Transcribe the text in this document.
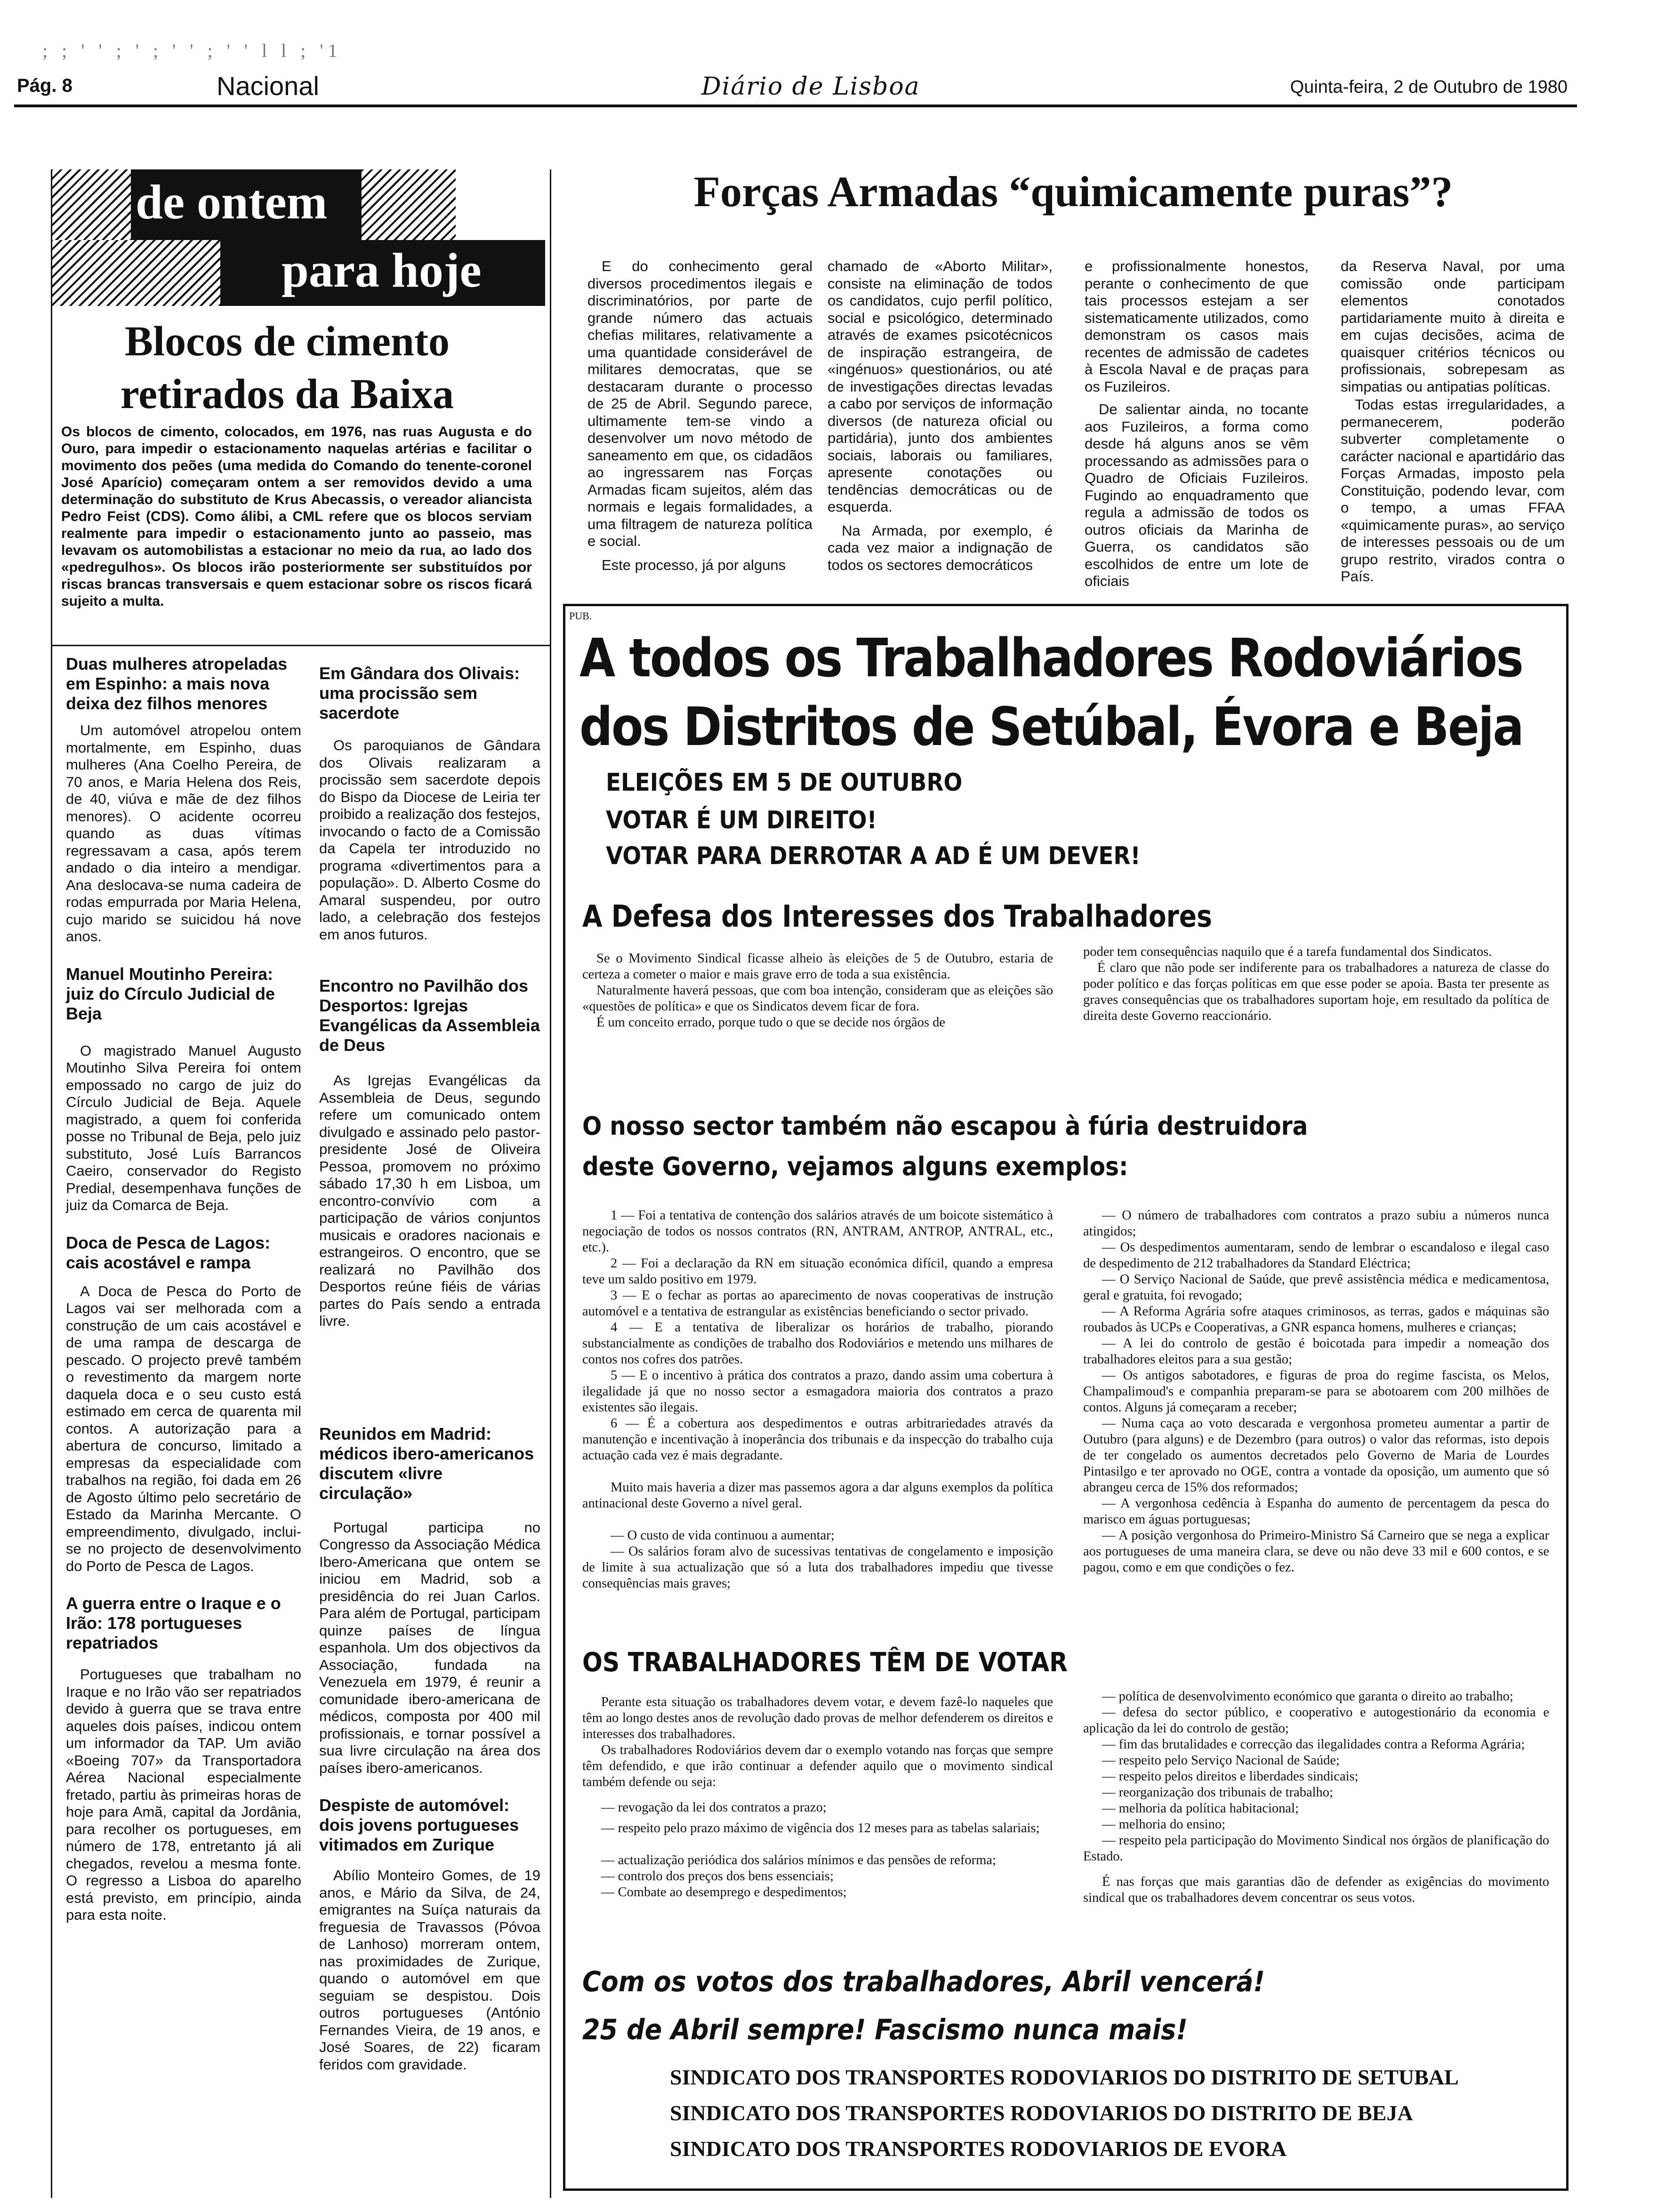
; ; ' ' ; ' ; ' ' ; ' ' l l ; '1
Pág. 8	Nacional	Diário de Lisboa	Quinta-feira, 2 de Outubro de 1980
de ontem
para hoje
Blocos de cimento retirados da Baixa

Os blocos de cimento, colocados, em 1976, nas ruas Augusta e do Ouro, para impedir o estacionamento naquelas artérias e facilitar o movimento dos peões (uma medida do Comando do tenente-coronel José Aparício) começaram ontem a ser removidos devido a uma determinação do substituto de Krus Abecassis, o vereador aliancista Pedro Feist (CDS). Como álibi, a CML refere que os blocos serviam realmente para impedir o estacionamento junto ao passeio, mas levavam os automobilistas a estacionar no meio da rua, ao lado dos «pedregulhos». Os blocos irão posteriormente ser substituídos por riscas brancas transversais e quem estacionar sobre os riscos ficará sujeito a multa.

Duas mulheres atropeladas em Espinho: a mais nova deixa dez filhos menores

Um automóvel atropelou ontem mortalmente, em Espinho, duas mulheres (Ana Coelho Pereira, de 70 anos, e Maria Helena dos Reis, de 40, viúva e mãe de dez filhos menores). O acidente ocorreu quando as duas vítimas regressavam a casa, após terem andado o dia inteiro a mendigar. Ana deslocava-se numa cadeira de rodas empurrada por Maria Helena, cujo marido se suicidou há nove anos.

Manuel Moutinho Pereira: juiz do Círculo Judicial de Beja

O magistrado Manuel Augusto Moutinho Silva Pereira foi ontem empossado no cargo de juiz do Círculo Judicial de Beja. Aquele magistrado, a quem foi conferida posse no Tribunal de Beja, pelo juiz substituto, José Luís Barrancos Caeiro, conservador do Registo Predial, desempenhava funções de juiz da Comarca de Beja.

Doca de Pesca de Lagos: cais acostável e rampa

A Doca de Pesca do Porto de Lagos vai ser melhorada com a construção de um cais acostável e de uma rampa de descarga de pescado. O projecto prevê também o revestimento da margem norte daquela doca e o seu custo está estimado em cerca de quarenta mil contos. A autorização para a abertura de concurso, limitado a empresas da especialidade com trabalhos na região, foi dada em 26 de Agosto último pelo secretário de Estado da Marinha Mercante. O empreendimento, divulgado, inclui-se no projecto de desenvolvimento do Porto de Pesca de Lagos.

A guerra entre o Iraque e o Irão: 178 portugueses repatriados

Portugueses que trabalham no Iraque e no Irão vão ser repatriados devido à guerra que se trava entre aqueles dois países, indicou ontem um informador da TAP. Um avião «Boeing 707» da Transportadora Aérea Nacional especialmente fretado, partiu às primeiras horas de hoje para Amã, capital da Jordânia, para recolher os portugueses, em número de 178, entretanto já ali chegados, revelou a mesma fonte. O regresso a Lisboa do aparelho está previsto, em princípio, ainda para esta noite.

Em Gândara dos Olivais: uma procissão sem sacerdote

Os paroquianos de Gândara dos Olivais realizaram a procissão sem sacerdote depois do Bispo da Diocese de Leiria ter proibido a realização dos festejos, invocando o facto de a Comissão da Capela ter introduzido no programa «divertimentos para a população». D. Alberto Cosme do Amaral suspendeu, por outro lado, a celebração dos festejos em anos futuros.

Encontro no Pavilhão dos Desportos: Igrejas Evangélicas da Assembleia de Deus

As Igrejas Evangélicas da Assembleia de Deus, segundo refere um comunicado ontem divulgado e assinado pelo pastor-presidente José de Oliveira Pessoa, promovem no próximo sábado 17,30 h em Lisboa, um encontro-convívio com a participação de vários conjuntos musicais e oradores nacionais e estrangeiros. O encontro, que se realizará no Pavilhão dos Desportos reúne fiéis de várias partes do País sendo a entrada livre.

Reunidos em Madrid: médicos ibero-americanos discutem «livre circulação»

Portugal participa no Congresso da Associação Médica Ibero-Americana que ontem se iniciou em Madrid, sob a presidência do rei Juan Carlos. Para além de Portugal, participam quinze países de língua espanhola. Um dos objectivos da Associação, fundada na Venezuela em 1979, é reunir a comunidade ibero-americana de médicos, composta por 400 mil profissionais, e tornar possível a sua livre circulação na área dos países ibero-americanos.

Despiste de automóvel: dois jovens portugueses vitimados em Zurique

Abílio Monteiro Gomes, de 19 anos, e Mário da Silva, de 24, emigrantes na Suíça naturais da freguesia de Travassos (Póvoa de Lanhoso) morreram ontem, nas proximidades de Zurique, quando o automóvel em que seguiam se despistou. Dois outros portugueses (António Fernandes Vieira, de 19 anos, e José Soares, de 22) ficaram feridos com gravidade.

Forças Armadas “quimicamente puras”?

E do conhecimento geral diversos procedimentos ilegais e discriminatórios, por parte de grande número das actuais chefias militares, relativamente a uma quantidade considerável de militares democratas, que se destacaram durante o processo de 25 de Abril. Segundo parece, ultimamente tem-se vindo a desenvolver um novo método de saneamento em que, os cidadãos ao ingressarem nas Forças Armadas ficam sujeitos, além das normais e legais formalidades, a uma filtragem de natureza política e social.

Este processo, já por alguns

chamado de «Aborto Militar», consiste na eliminação de todos os candidatos, cujo perfil político, social e psicológico, determinado através de exames psicotécnicos de inspiração estrangeira, de «ingénuos» questionários, ou até de investigações directas levadas a cabo por serviços de informação diversos (de natureza oficial ou partidária), junto dos ambientes sociais, laborais ou familiares, apresente conotações ou tendências democráticas ou de esquerda.

Na Armada, por exemplo, é cada vez maior a indignação de todos os sectores democráticos

e profissionalmente honestos, perante o conhecimento de que tais processos estejam a ser sistematicamente utilizados, como demonstram os casos mais recentes de admissão de cadetes à Escola Naval e de praças para os Fuzileiros.

De salientar ainda, no tocante aos Fuzileiros, a forma como desde há alguns anos se vêm processando as admissões para o Quadro de Oficiais Fuzileiros. Fugindo ao enquadramento que regula a admissão de todos os outros oficiais da Marinha de Guerra, os candidatos são escolhidos de entre um lote de oficiais

da Reserva Naval, por uma comissão onde participam elementos conotados partidariamente muito à direita e em cujas decisões, acima de quaisquer critérios técnicos ou profissionais, sobrepesam as simpatias ou antipatias políticas.

Todas estas irregularidades, a permanecerem, poderão subverter completamente o carácter nacional e apartidário das Forças Armadas, imposto pela Constituição, podendo levar, com o tempo, a umas FFAA «quimicamente puras», ao serviço de interesses pessoais ou de um grupo restrito, virados contra o País.

PUB.
A todos os Trabalhadores Rodoviários
dos Distritos de Setúbal, Évora e Beja
ELEIÇÕES EM 5 DE OUTUBRO
VOTAR É UM DIREITO!
VOTAR PARA DERROTAR A AD É UM DEVER!
A Defesa dos Interesses dos Trabalhadores

Se o Movimento Sindical ficasse alheio às eleições de 5 de Outubro, estaria de certeza a cometer o maior e mais grave erro de toda a sua existência.

Naturalmente haverá pessoas, que com boa intenção, consideram que as eleições são «questões de política» e que os Sindicatos devem ficar de fora.

É um conceito errado, porque tudo o que se decide nos órgãos de

poder tem consequências naquilo que é a tarefa fundamental dos Sindicatos.

É claro que não pode ser indiferente para os trabalhadores a natureza de classe do poder político e das forças políticas em que esse poder se apoia. Basta ter presente as graves consequências que os trabalhadores suportam hoje, em resultado da política de direita deste Governo reaccionário.

O nosso sector também não escapou à fúria destruidora
deste Governo, vejamos alguns exemplos:

1 — Foi a tentativa de contenção dos salários através de um boicote sistemático à negociação de todos os nossos contratos (RN, ANTRAM, ANTROP, ANTRAL, etc., etc.).

2 — Foi a declaração da RN em situação económica difícil, quando a empresa teve um saldo positivo em 1979.

3 — E o fechar as portas ao aparecimento de novas cooperativas de instrução automóvel e a tentativa de estrangular as existências beneficiando o sector privado.

4 — E a tentativa de liberalizar os horários de trabalho, piorando substancialmente as condições de trabalho dos Rodoviários e metendo uns milhares de contos nos cofres dos patrões.

5 — E o incentivo à prática dos contratos a prazo, dando assim uma cobertura à ilegalidade já que no nosso sector a esmagadora maioria dos contratos a prazo existentes são ilegais.

6 — É a cobertura aos despedimentos e outras arbitrariedades através da manutenção e incentivação à inoperância dos tribunais e da inspecção do trabalho cuja actuação cada vez é mais degradante.

Muito mais haveria a dizer mas passemos agora a dar alguns exemplos da política antinacional deste Governo a nível geral.

— O custo de vida continuou a aumentar;

— Os salários foram alvo de sucessivas tentativas de congelamento e imposição de limite à sua actualização que só a luta dos trabalhadores impediu que tivesse consequências mais graves;

— O número de trabalhadores com contratos a prazo subiu a números nunca atingidos;

— Os despedimentos aumentaram, sendo de lembrar o escandaloso e ilegal caso de despedimento de 212 trabalhadores da Standard Eléctrica;

— O Serviço Nacional de Saúde, que prevê assistência médica e medicamentosa, geral e gratuita, foi revogado;

— A Reforma Agrária sofre ataques criminosos, as terras, gados e máquinas são roubados às UCPs e Cooperativas, a GNR espanca homens, mulheres e crianças;

— A lei do controlo de gestão é boicotada para impedir a nomeação dos trabalhadores eleitos para a sua gestão;

— Os antigos sabotadores, e figuras de proa do regime fascista, os Melos, Champalimoud's e companhia preparam-se para se abotoarem com 200 milhões de contos. Alguns já começaram a receber;

— Numa caça ao voto descarada e vergonhosa prometeu aumentar a partir de Outubro (para alguns) e de Dezembro (para outros) o valor das reformas, isto depois de ter congelado os aumentos decretados pelo Governo de Maria de Lourdes Pintasilgo e ter aprovado no OGE, contra a vontade da oposição, um aumento que só abrangeu cerca de 15% dos reformados;

— A vergonhosa cedência à Espanha do aumento de percentagem da pesca do marisco em águas portuguesas;

— A posição vergonhosa do Primeiro-Ministro Sá Carneiro que se nega a explicar aos portugueses de uma maneira clara, se deve ou não deve 33 mil e 600 contos, e se pagou, como e em que condições o fez.

OS TRABALHADORES TÊM DE VOTAR

Perante esta situação os trabalhadores devem votar, e devem fazê-lo naqueles que têm ao longo destes anos de revolução dado provas de melhor defenderem os direitos e interesses dos trabalhadores.

Os trabalhadores Rodoviários devem dar o exemplo votando nas forças que sempre têm defendido, e que irão continuar a defender aquilo que o movimento sindical também defende ou seja:

— revogação da lei dos contratos a prazo;

— respeito pelo prazo máximo de vigência dos 12 meses para as tabelas salariais;

— actualização periódica dos salários mínimos e das pensões de reforma;

— controlo dos preços dos bens essenciais;

— Combate ao desemprego e despedimentos;

— política de desenvolvimento económico que garanta o direito ao trabalho;

— defesa do sector público, e cooperativo e autogestionário da economia e aplicação da lei do controlo de gestão;

— fim das brutalidades e correcção das ilegalidades contra a Reforma Agrária;

— respeito pelo Serviço Nacional de Saúde;

— respeito pelos direitos e liberdades sindicais;

— reorganização dos tribunais de trabalho;

— melhoria da política habitacional;

— melhoria do ensino;

— respeito pela participação do Movimento Sindical nos órgãos de planificação do Estado.

É nas forças que mais garantias dão de defender as exigências do movimento sindical que os trabalhadores devem concentrar os seus votos.

Com os votos dos trabalhadores, Abril vencerá!
25 de Abril sempre! Fascismo nunca mais!
SINDICATO DOS TRANSPORTES RODOVIARIOS DO DISTRITO DE SETUBAL
SINDICATO DOS TRANSPORTES RODOVIARIOS DO DISTRITO DE BEJA
SINDICATO DOS TRANSPORTES RODOVIARIOS DE EVORA
